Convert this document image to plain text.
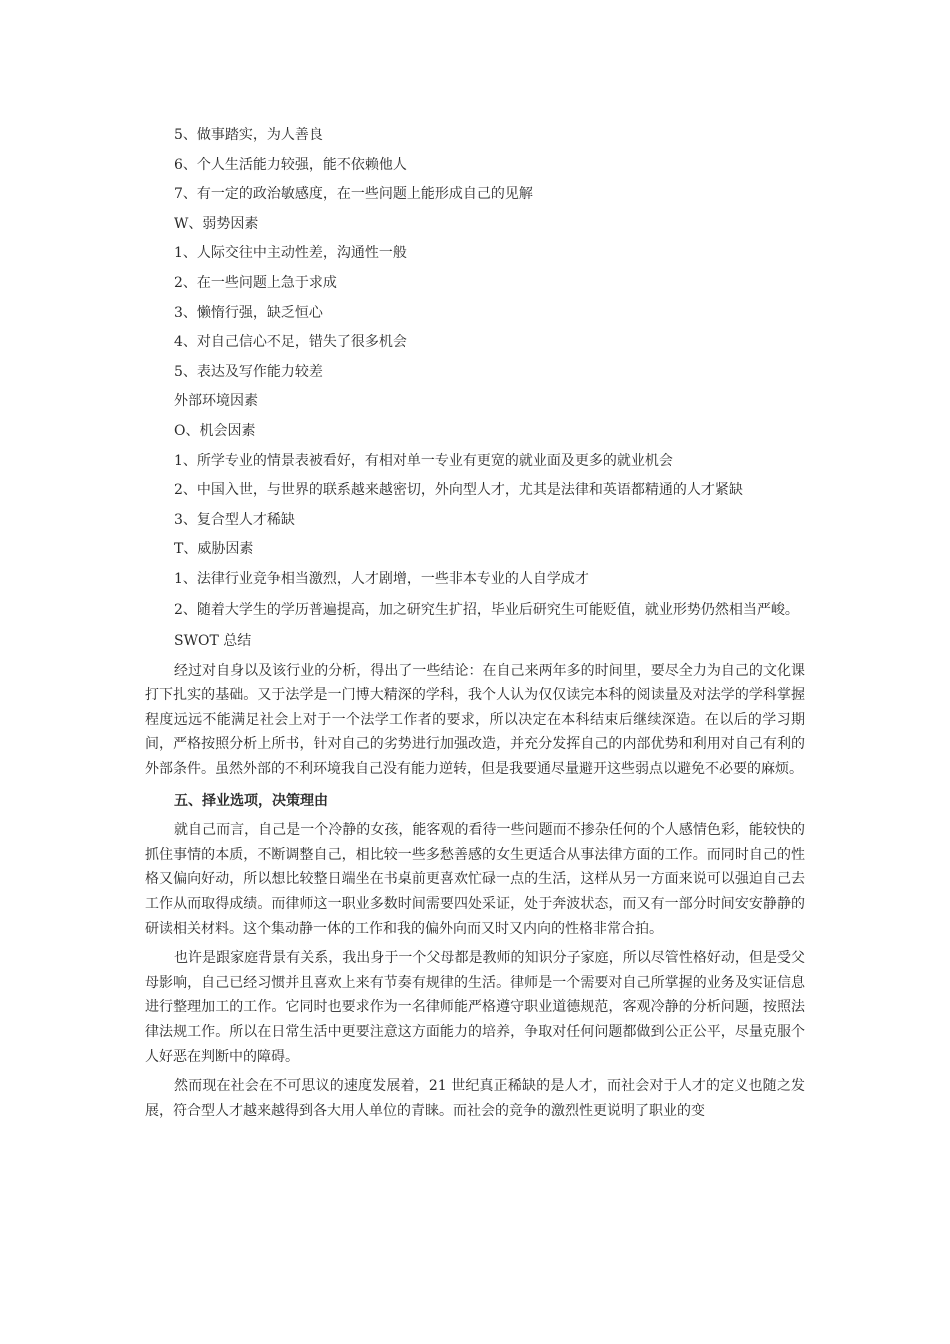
5、做事踏实，为人善良

6、个人生活能力较强，能不依赖他人

7、有一定的政治敏感度，在一些问题上能形成自己的见解

W、弱势因素

1、人际交往中主动性差，沟通性一般

2、在一些问题上急于求成

3、懒惰行强，缺乏恒心

4、对自己信心不足，错失了很多机会

5、表达及写作能力较差

外部环境因素

O、机会因素

1、所学专业的情景表被看好，有相对单一专业有更宽的就业面及更多的就业机会

2、中国入世，与世界的联系越来越密切，外向型人才，尤其是法律和英语都精通的人才紧缺

3、复合型人才稀缺

T、威胁因素

1、法律行业竞争相当激烈，人才剧增，一些非本专业的人自学成才

2、随着大学生的学历普遍提高，加之研究生扩招，毕业后研究生可能贬值，就业形势仍然相当严峻。

SWOT 总结

经过对自身以及该行业的分析，得出了一些结论：在自己来两年多的时间里，要尽全力为自己的文化课打下扎实的基础。又于法学是一门博大精深的学科，我个人认为仅仅读完本科的阅读量及对法学的学科掌握程度远远不能满足社会上对于一个法学工作者的要求，所以决定在本科结束后继续深造。在以后的学习期间，严格按照分析上所书，针对自己的劣势进行加强改造，并充分发挥自己的内部优势和利用对自己有利的外部条件。虽然外部的不利环境我自己没有能力逆转，但是我要通尽量避开这些弱点以避免不必要的麻烦。

五、择业选项，决策理由

就自己而言，自己是一个冷静的女孩，能客观的看待一些问题而不掺杂任何的个人感情色彩，能较快的抓住事情的本质，不断调整自己，相比较一些多愁善感的女生更适合从事法律方面的工作。而同时自己的性格又偏向好动，所以想比较整日端坐在书桌前更喜欢忙碌一点的生活，这样从另一方面来说可以强迫自己去工作从而取得成绩。而律师这一职业多数时间需要四处采证，处于奔波状态，而又有一部分时间安安静静的研读相关材料。这个集动静一体的工作和我的偏外向而又时又内向的性格非常合拍。

也许是跟家庭背景有关系，我出身于一个父母都是教师的知识分子家庭，所以尽管性格好动，但是受父母影响，自己已经习惯并且喜欢上来有节奏有规律的生活。律师是一个需要对自己所掌握的业务及实证信息进行整理加工的工作。它同时也要求作为一名律师能严格遵守职业道德规范，客观冷静的分析问题，按照法律法规工作。所以在日常生活中更要注意这方面能力的培养，争取对任何问题都做到公正公平，尽量克服个人好恶在判断中的障碍。

然而现在社会在不可思议的速度发展着，21 世纪真正稀缺的是人才，而社会对于人才的定义也随之发展，符合型人才越来越得到各大用人单位的青睐。而社会的竞争的激烈性更说明了职业的变
